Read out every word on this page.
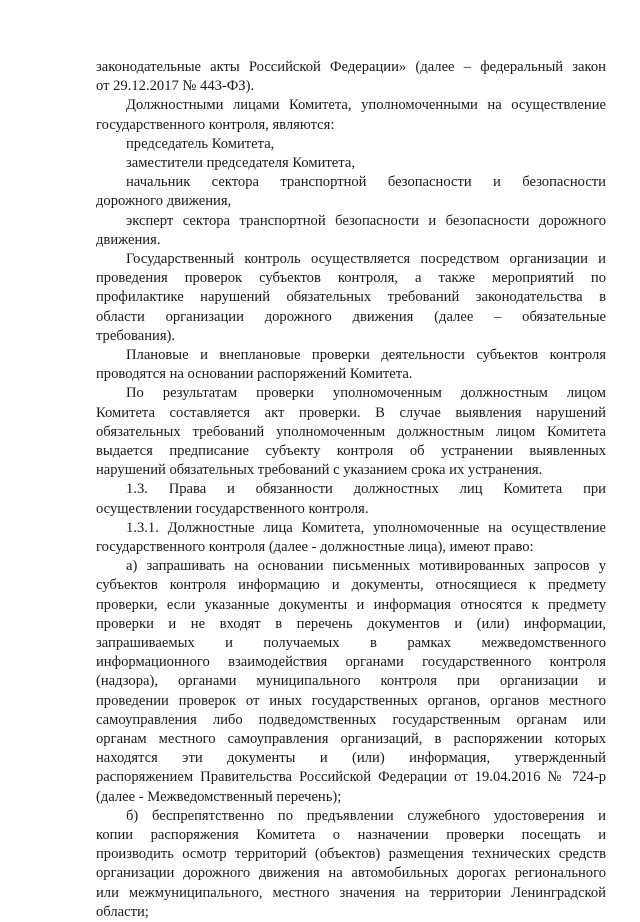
законодательные акты Российской Федерации» (далее – федеральный закон
от 29.12.2017 № 443-ФЗ).
Должностными лицами Комитета, уполномоченными на осуществление
государственного контроля, являются:
председатель Комитета,
заместители председателя Комитета,
начальник сектора транспортной безопасности и безопасности
дорожного движения,
эксперт сектора транспортной безопасности и безопасности дорожного
движения.
Государственный контроль осуществляется посредством организации и
проведения проверок субъектов контроля, а также мероприятий по
профилактике нарушений обязательных требований законодательства в
области организации дорожного движения (далее – обязательные
требования).
Плановые и внеплановые проверки деятельности субъектов контроля
проводятся на основании распоряжений Комитета.
По результатам проверки уполномоченным должностным лицом
Комитета составляется акт проверки. В случае выявления нарушений
обязательных требований уполномоченным должностным лицом Комитета
выдается предписание субъекту контроля об устранении выявленных
нарушений обязательных требований с указанием срока их устранения.
1.3. Права и обязанности должностных лиц Комитета при
осуществлении государственного контроля.
1.3.1. Должностные лица Комитета, уполномоченные на осуществление
государственного контроля (далее - должностные лица), имеют право:
а) запрашивать на основании письменных мотивированных запросов у
субъектов контроля информацию и документы, относящиеся к предмету
проверки, если указанные документы и информация относятся к предмету
проверки и не входят в перечень документов и (или) информации,
запрашиваемых и получаемых в рамках межведомственного
информационного взаимодействия органами государственного контроля
(надзора), органами муниципального контроля при организации и
проведении проверок от иных государственных органов, органов местного
самоуправления либо подведомственных государственным органам или
органам местного самоуправления организаций, в распоряжении которых
находятся эти документы и (или) информация, утвержденный
распоряжением Правительства Российской Федерации от 19.04.2016 № 724-р
(далее - Межведомственный перечень);
б) беспрепятственно по предъявлении служебного удостоверения и
копии распоряжения Комитета о назначении проверки посещать и
производить осмотр территорий (объектов) размещения технических средств
организации дорожного движения на автомобильных дорогах регионального
или межмуниципального, местного значения на территории Ленинградской
области;
